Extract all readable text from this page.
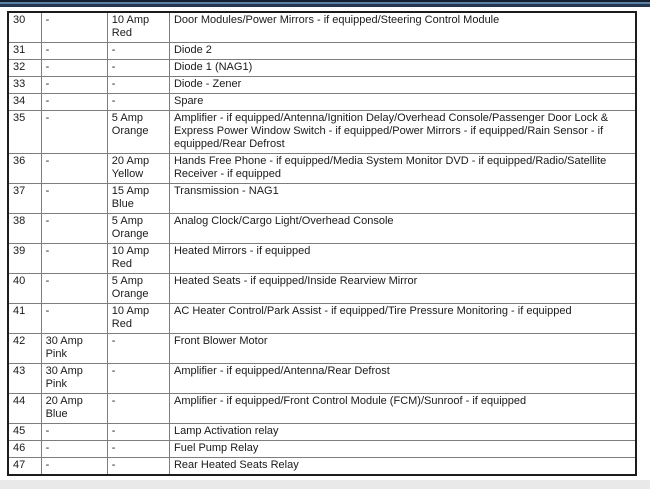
30	-	10 Amp Red	Door Modules/Power Mirrors - if equipped/Steering Control Module
31	-	-	Diode 2
32	-	-	Diode 1 (NAG1)
33	-	-	Diode - Zener
34	-	-	Spare
35	-	5 Amp Orange	Amplifier - if equipped/Antenna/Ignition Delay/Overhead Console/Passenger Door Lock & Express Power Window Switch - if equipped/Power Mirrors - if equipped/Rain Sensor - if equipped/Rear Defrost
36	-	20 Amp Yellow	Hands Free Phone - if equipped/Media System Monitor DVD - if equipped/Radio/Satellite Receiver - if equipped
37	-	15 Amp Blue	Transmission - NAG1
38	-	5 Amp Orange	Analog Clock/Cargo Light/Overhead Console
39	-	10 Amp Red	Heated Mirrors - if equipped
40	-	5 Amp Orange	Heated Seats - if equipped/Inside Rearview Mirror
41	-	10 Amp Red	AC Heater Control/Park Assist - if equipped/Tire Pressure Monitoring - if equipped
42	30 Amp Pink	-	Front Blower Motor
43	30 Amp Pink	-	Amplifier - if equipped/Antenna/Rear Defrost
44	20 Amp Blue	-	Amplifier - if equipped/Front Control Module (FCM)/Sunroof - if equipped
45	-	-	Lamp Activation relay
46	-	-	Fuel Pump Relay
47	-	-	Rear Heated Seats Relay
